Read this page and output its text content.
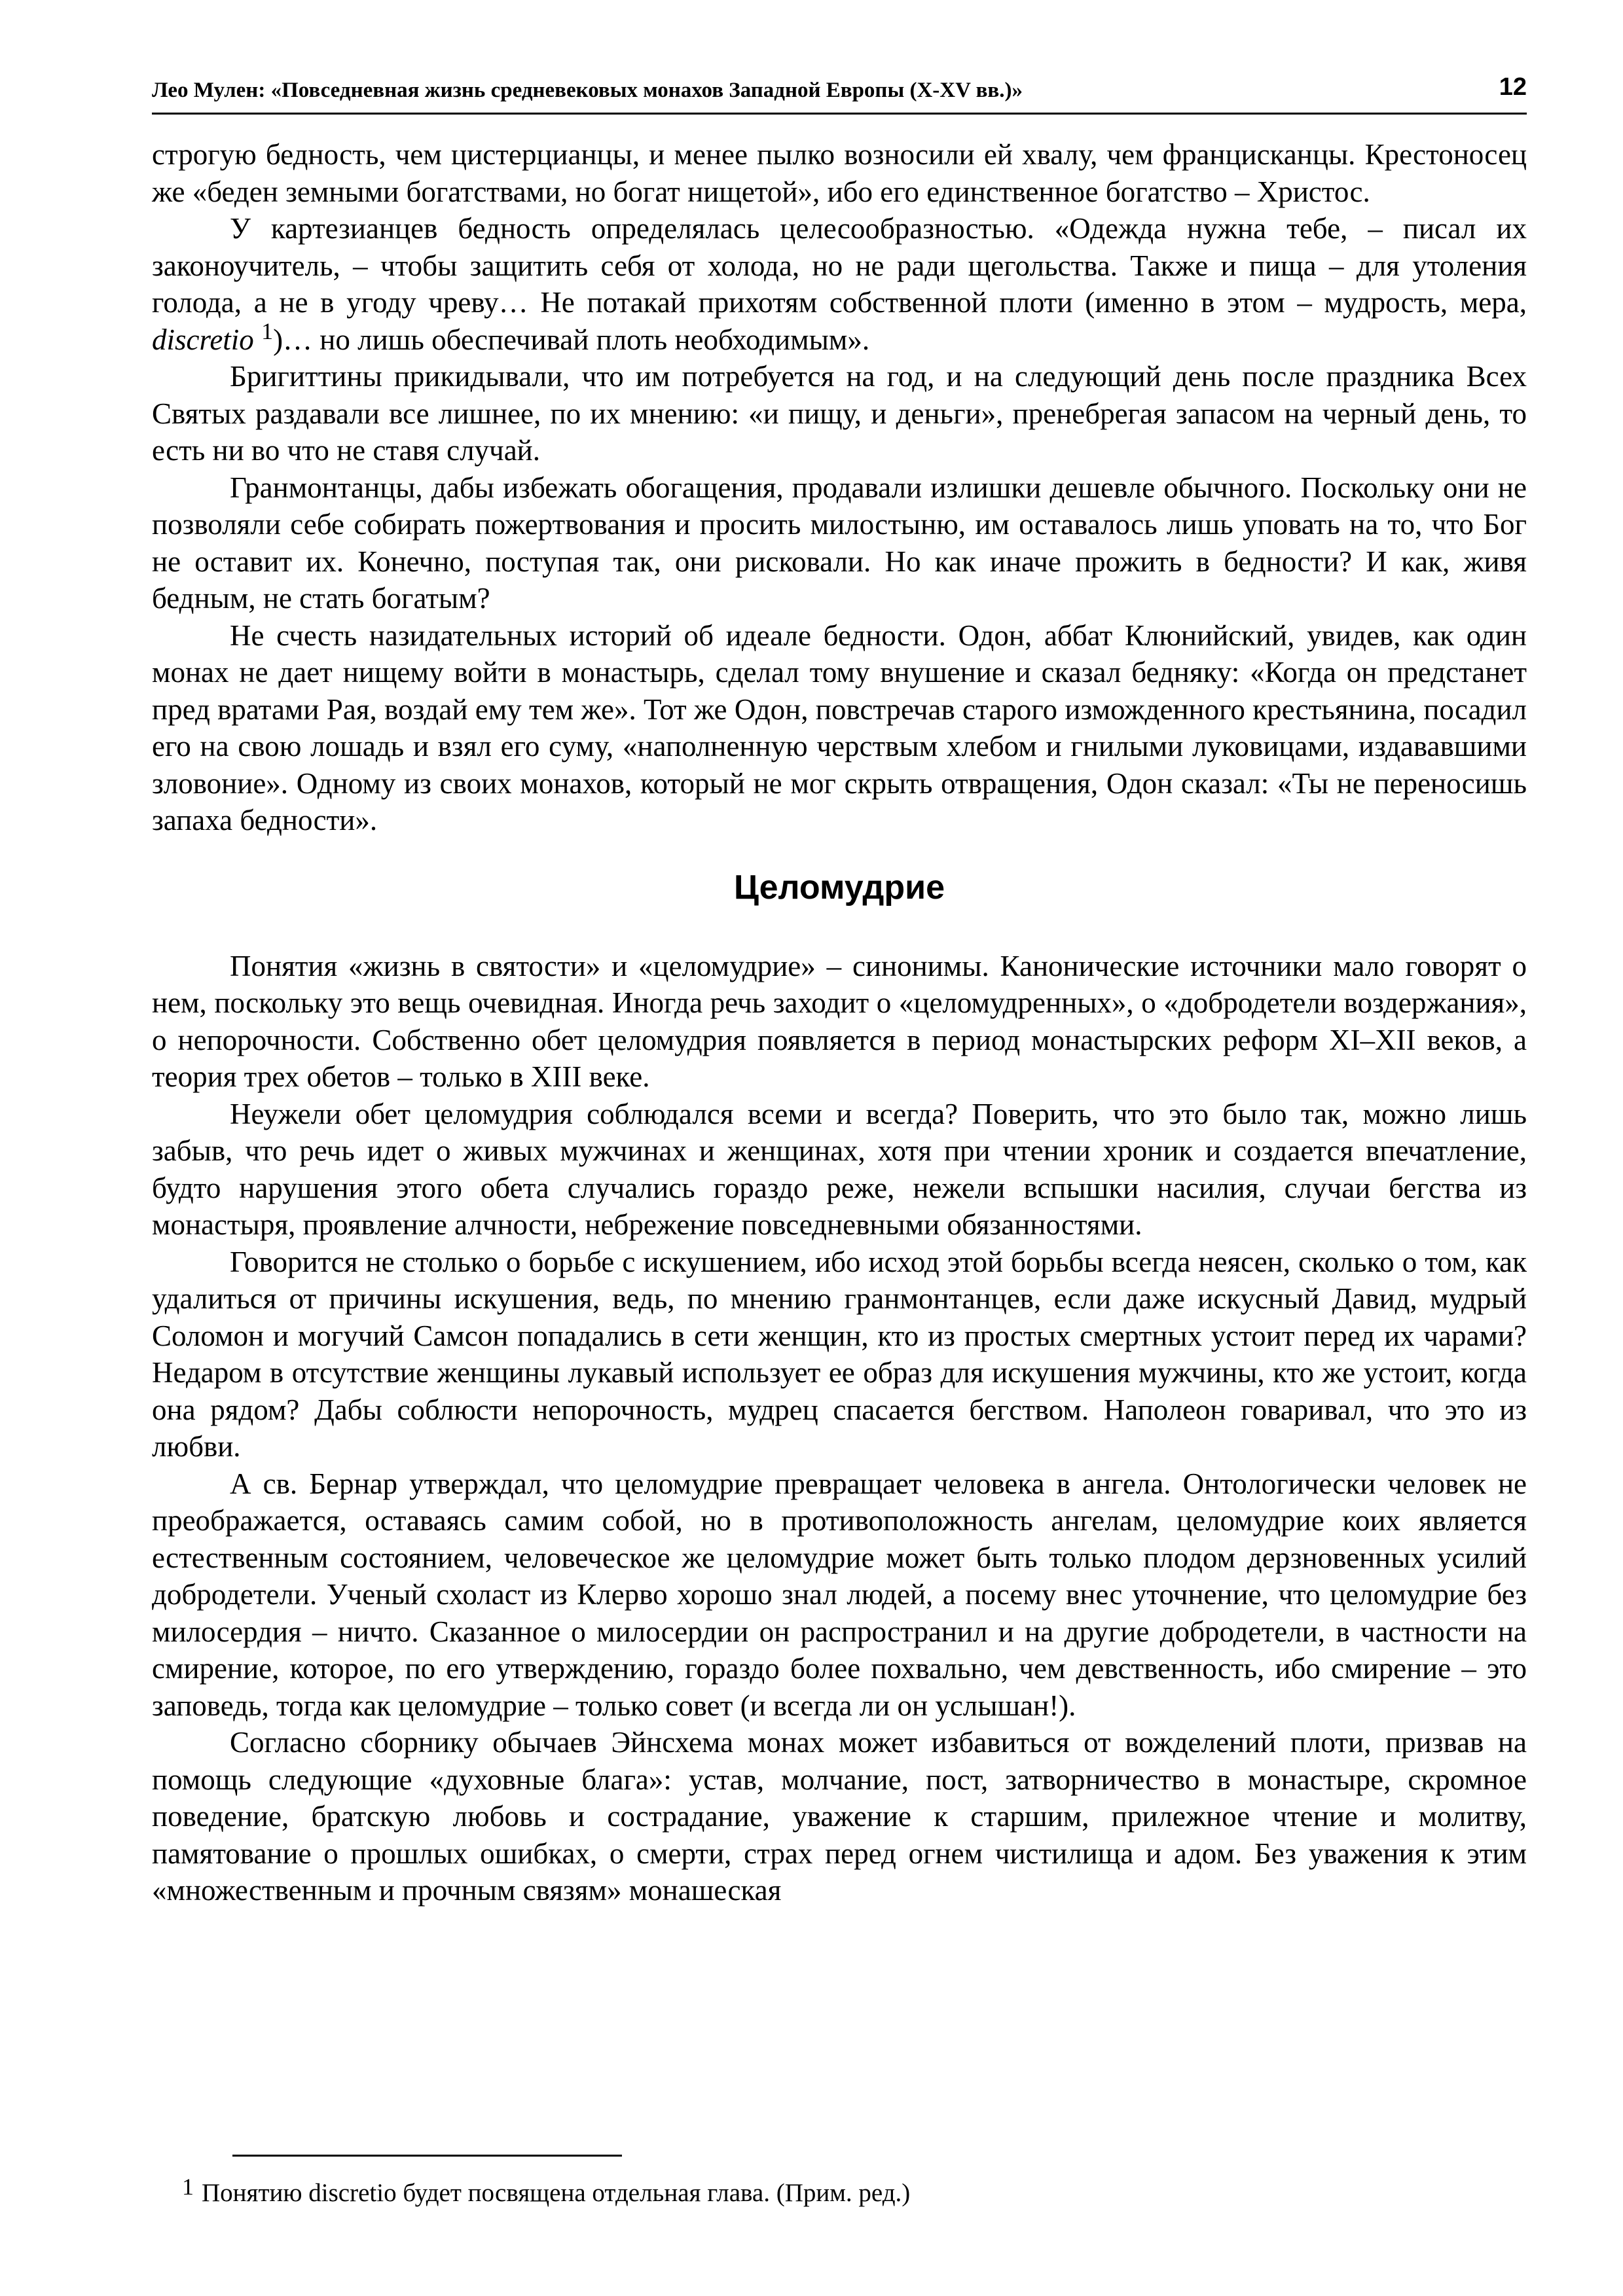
Лео Мулен: «Повседневная жизнь средневековых монахов Западной Европы (X-XV вв.)»	12

строгую бедность, чем цистерцианцы, и менее пылко возносили ей хвалу, чем францисканцы. Крестоносец же «беден земными богатствами, но богат нищетой», ибо его единственное богатство – Христос.

У картезианцев бедность определялась целесообразностью. «Одежда нужна тебе, – писал их законоучитель, – чтобы защитить себя от холода, но не ради щегольства. Также и пища – для утоления голода, а не в угоду чреву… Не потакай прихотям собственной плоти (именно в этом – мудрость, мера, discretio $^1$)… но лишь обеспечивай плоть необходимым».

Бригиттины прикидывали, что им потребуется на год, и на следующий день после праздника Всех Святых раздавали все лишнее, по их мнению: «и пищу, и деньги», пренебрегая запасом на черный день, то есть ни во что не ставя случай.

Гранмонтанцы, дабы избежать обогащения, продавали излишки дешевле обычного. Поскольку они не позволяли себе собирать пожертвования и просить милостыню, им оставалось лишь уповать на то, что Бог не оставит их. Конечно, поступая так, они рисковали. Но как иначе прожить в бедности? И как, живя бедным, не стать богатым?

Не счесть назидательных историй об идеале бедности. Одон, аббат Клюнийский, увидев, как один монах не дает нищему войти в монастырь, сделал тому внушение и сказал бедняку: «Когда он предстанет пред вратами Рая, воздай ему тем же». Тот же Одон, повстречав старого изможденного крестьянина, посадил его на свою лошадь и взял его суму, «наполненную черствым хлебом и гнилыми луковицами, издававшими зловоние». Одному из своих монахов, который не мог скрыть отвращения, Одон сказал: «Ты не переносишь запаха бедности».

Целомудрие

Понятия «жизнь в святости» и «целомудрие» – синонимы. Канонические источники мало говорят о нем, поскольку это вещь очевидная. Иногда речь заходит о «целомудренных», о «добродетели воздержания», о непорочности. Собственно обет целомудрия появляется в период монастырских реформ XI–XII веков, а теория трех обетов – только в XIII веке.

Неужели обет целомудрия соблюдался всеми и всегда? Поверить, что это было так, можно лишь забыв, что речь идет о живых мужчинах и женщинах, хотя при чтении хроник и создается впечатление, будто нарушения этого обета случались гораздо реже, нежели вспышки насилия, случаи бегства из монастыря, проявление алчности, небрежение повседневными обязанностями.

Говорится не столько о борьбе с искушением, ибо исход этой борьбы всегда неясен, сколько о том, как удалиться от причины искушения, ведь, по мнению гранмонтанцев, если даже искусный Давид, мудрый Соломон и могучий Самсон попадались в сети женщин, кто из простых смертных устоит перед их чарами? Недаром в отсутствие женщины лукавый использует ее образ для искушения мужчины, кто же устоит, когда она рядом? Дабы соблюсти непорочность, мудрец спасается бегством. Наполеон говаривал, что это из любви.

А св. Бернар утверждал, что целомудрие превращает человека в ангела. Онтологически человек не преображается, оставаясь самим собой, но в противоположность ангелам, целомудрие коих является естественным состоянием, человеческое же целомудрие может быть только плодом дерзновенных усилий добродетели. Ученый схоласт из Клерво хорошо знал людей, а посему внес уточнение, что целомудрие без милосердия – ничто. Сказанное о милосердии он распространил и на другие добродетели, в частности на смирение, которое, по его утверждению, гораздо более похвально, чем девственность, ибо смирение – это заповедь, тогда как целомудрие – только совет (и всегда ли он услышан!).

Согласно сборнику обычаев Эйнсхема монах может избавиться от вожделений плоти, призвав на помощь следующие «духовные блага»: устав, молчание, пост, затворничество в монастыре, скромное поведение, братскую любовь и сострадание, уважение к старшим, прилежное чтение и молитву, памятование о прошлых ошибках, о смерти, страх перед огнем чистилища и адом. Без уважения к этим «множественным и прочным связям» монашеская

$^1$ Понятию discretio будет посвящена отдельная глава. (Прим. ред.)
